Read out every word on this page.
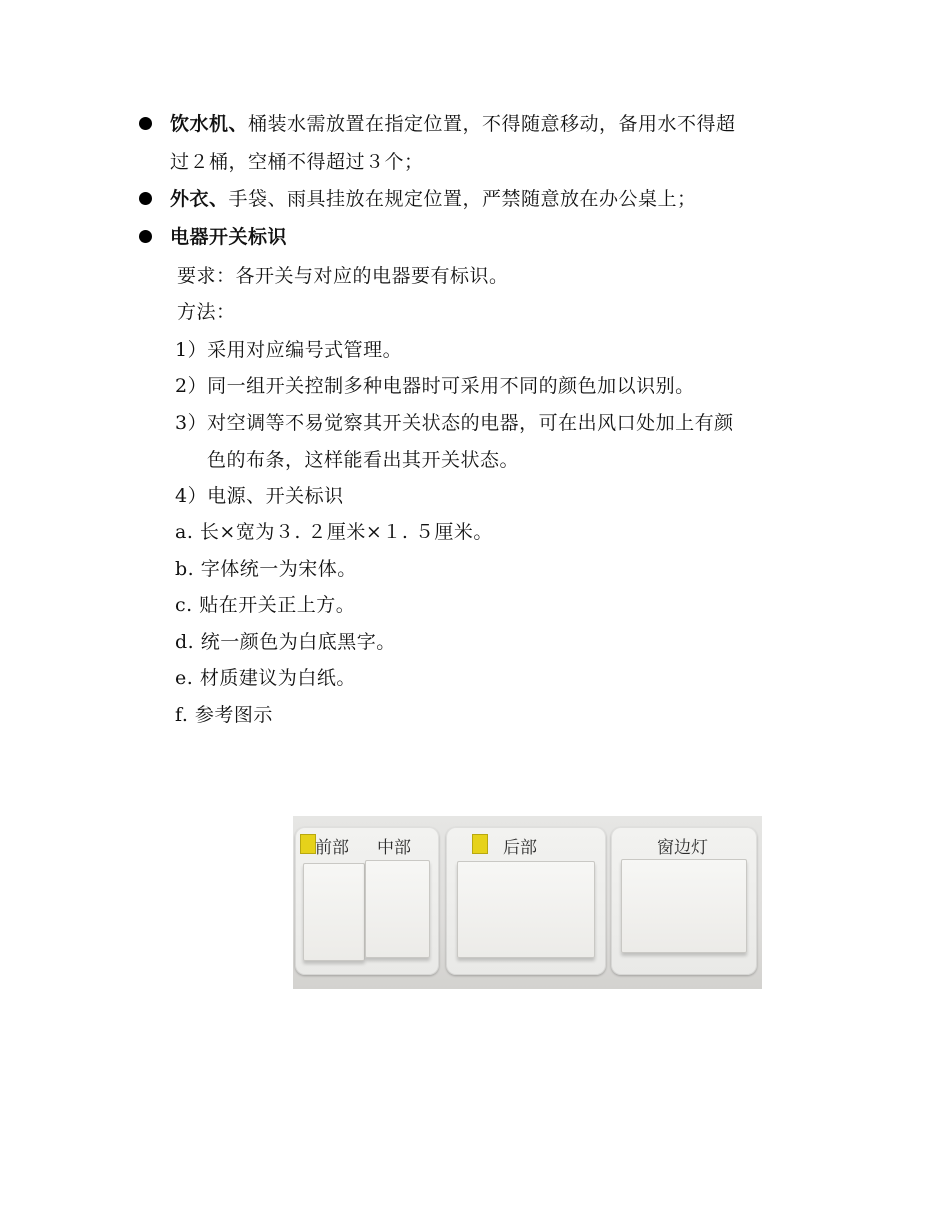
饮水机、桶装水需放置在指定位置，不得随意移动，备用水不得超
过２桶，空桶不得超过３个；
外衣、手袋、雨具挂放在规定位置，严禁随意放在办公桌上；
电器开关标识
要求：各开关与对应的电器要有标识。
方法：
1）采用对应编号式管理。
2）同一组开关控制多种电器时可采用不同的颜色加以识别。
3）对空调等不易觉察其开关状态的电器，可在出风口处加上有颜
色的布条，这样能看出其开关状态。
4）电源、开关标识
a. 长×宽为３. ２厘米×１. ５厘米。
b. 字体统一为宋体。
c. 贴在开关正上方。
d. 统一颜色为白底黑字。
e. 材质建议为白纸。
f. 参考图示
前部 中部	后部	窗边灯
